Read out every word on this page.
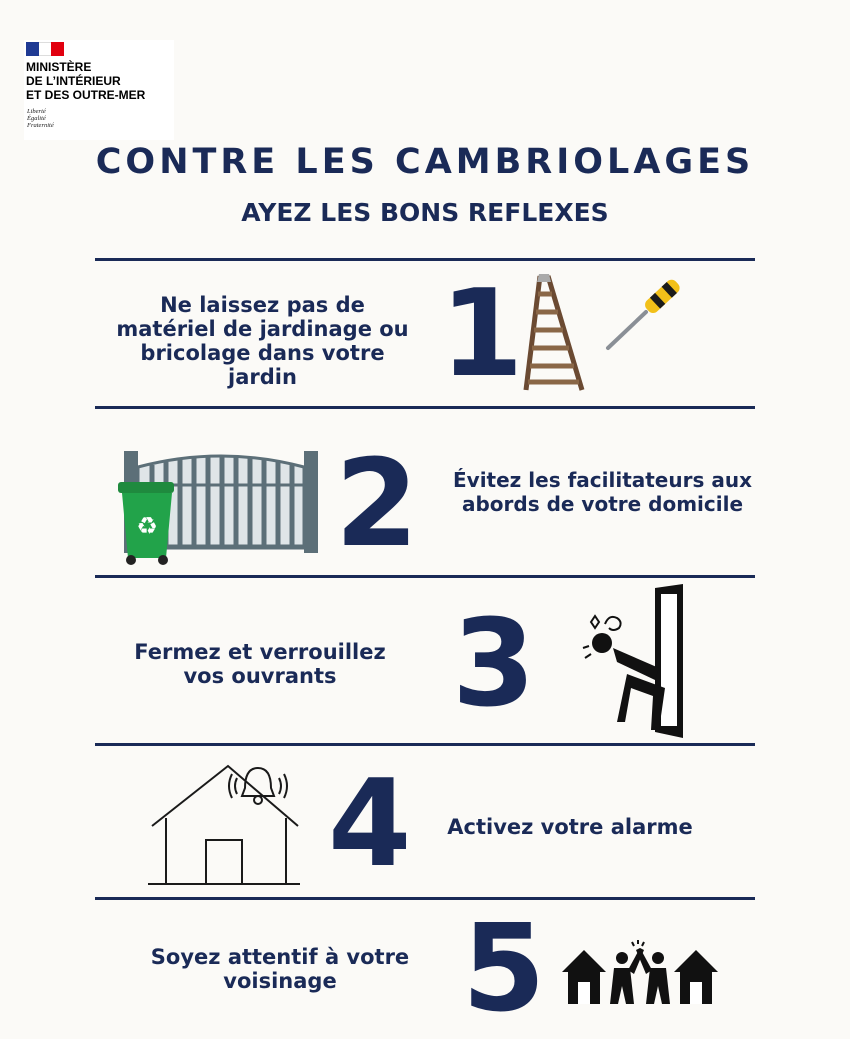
MINISTÈRE
DE L’INTÉRIEUR
ET DES OUTRE-MER
Liberté
Égalité
Fraternité
CONTRE LES CAMBRIOLAGES
AYEZ LES BONS REFLEXES
Ne laissez pas de
matériel de jardinage ou
bricolage dans votre
jardin	1
♻ 2	Évitez les facilitateurs aux
abords de votre domicile
Fermez et verrouillez
vos ouvrants 3
4	Activez votre alarme
Soyez attentif à votre
voisinage	5
